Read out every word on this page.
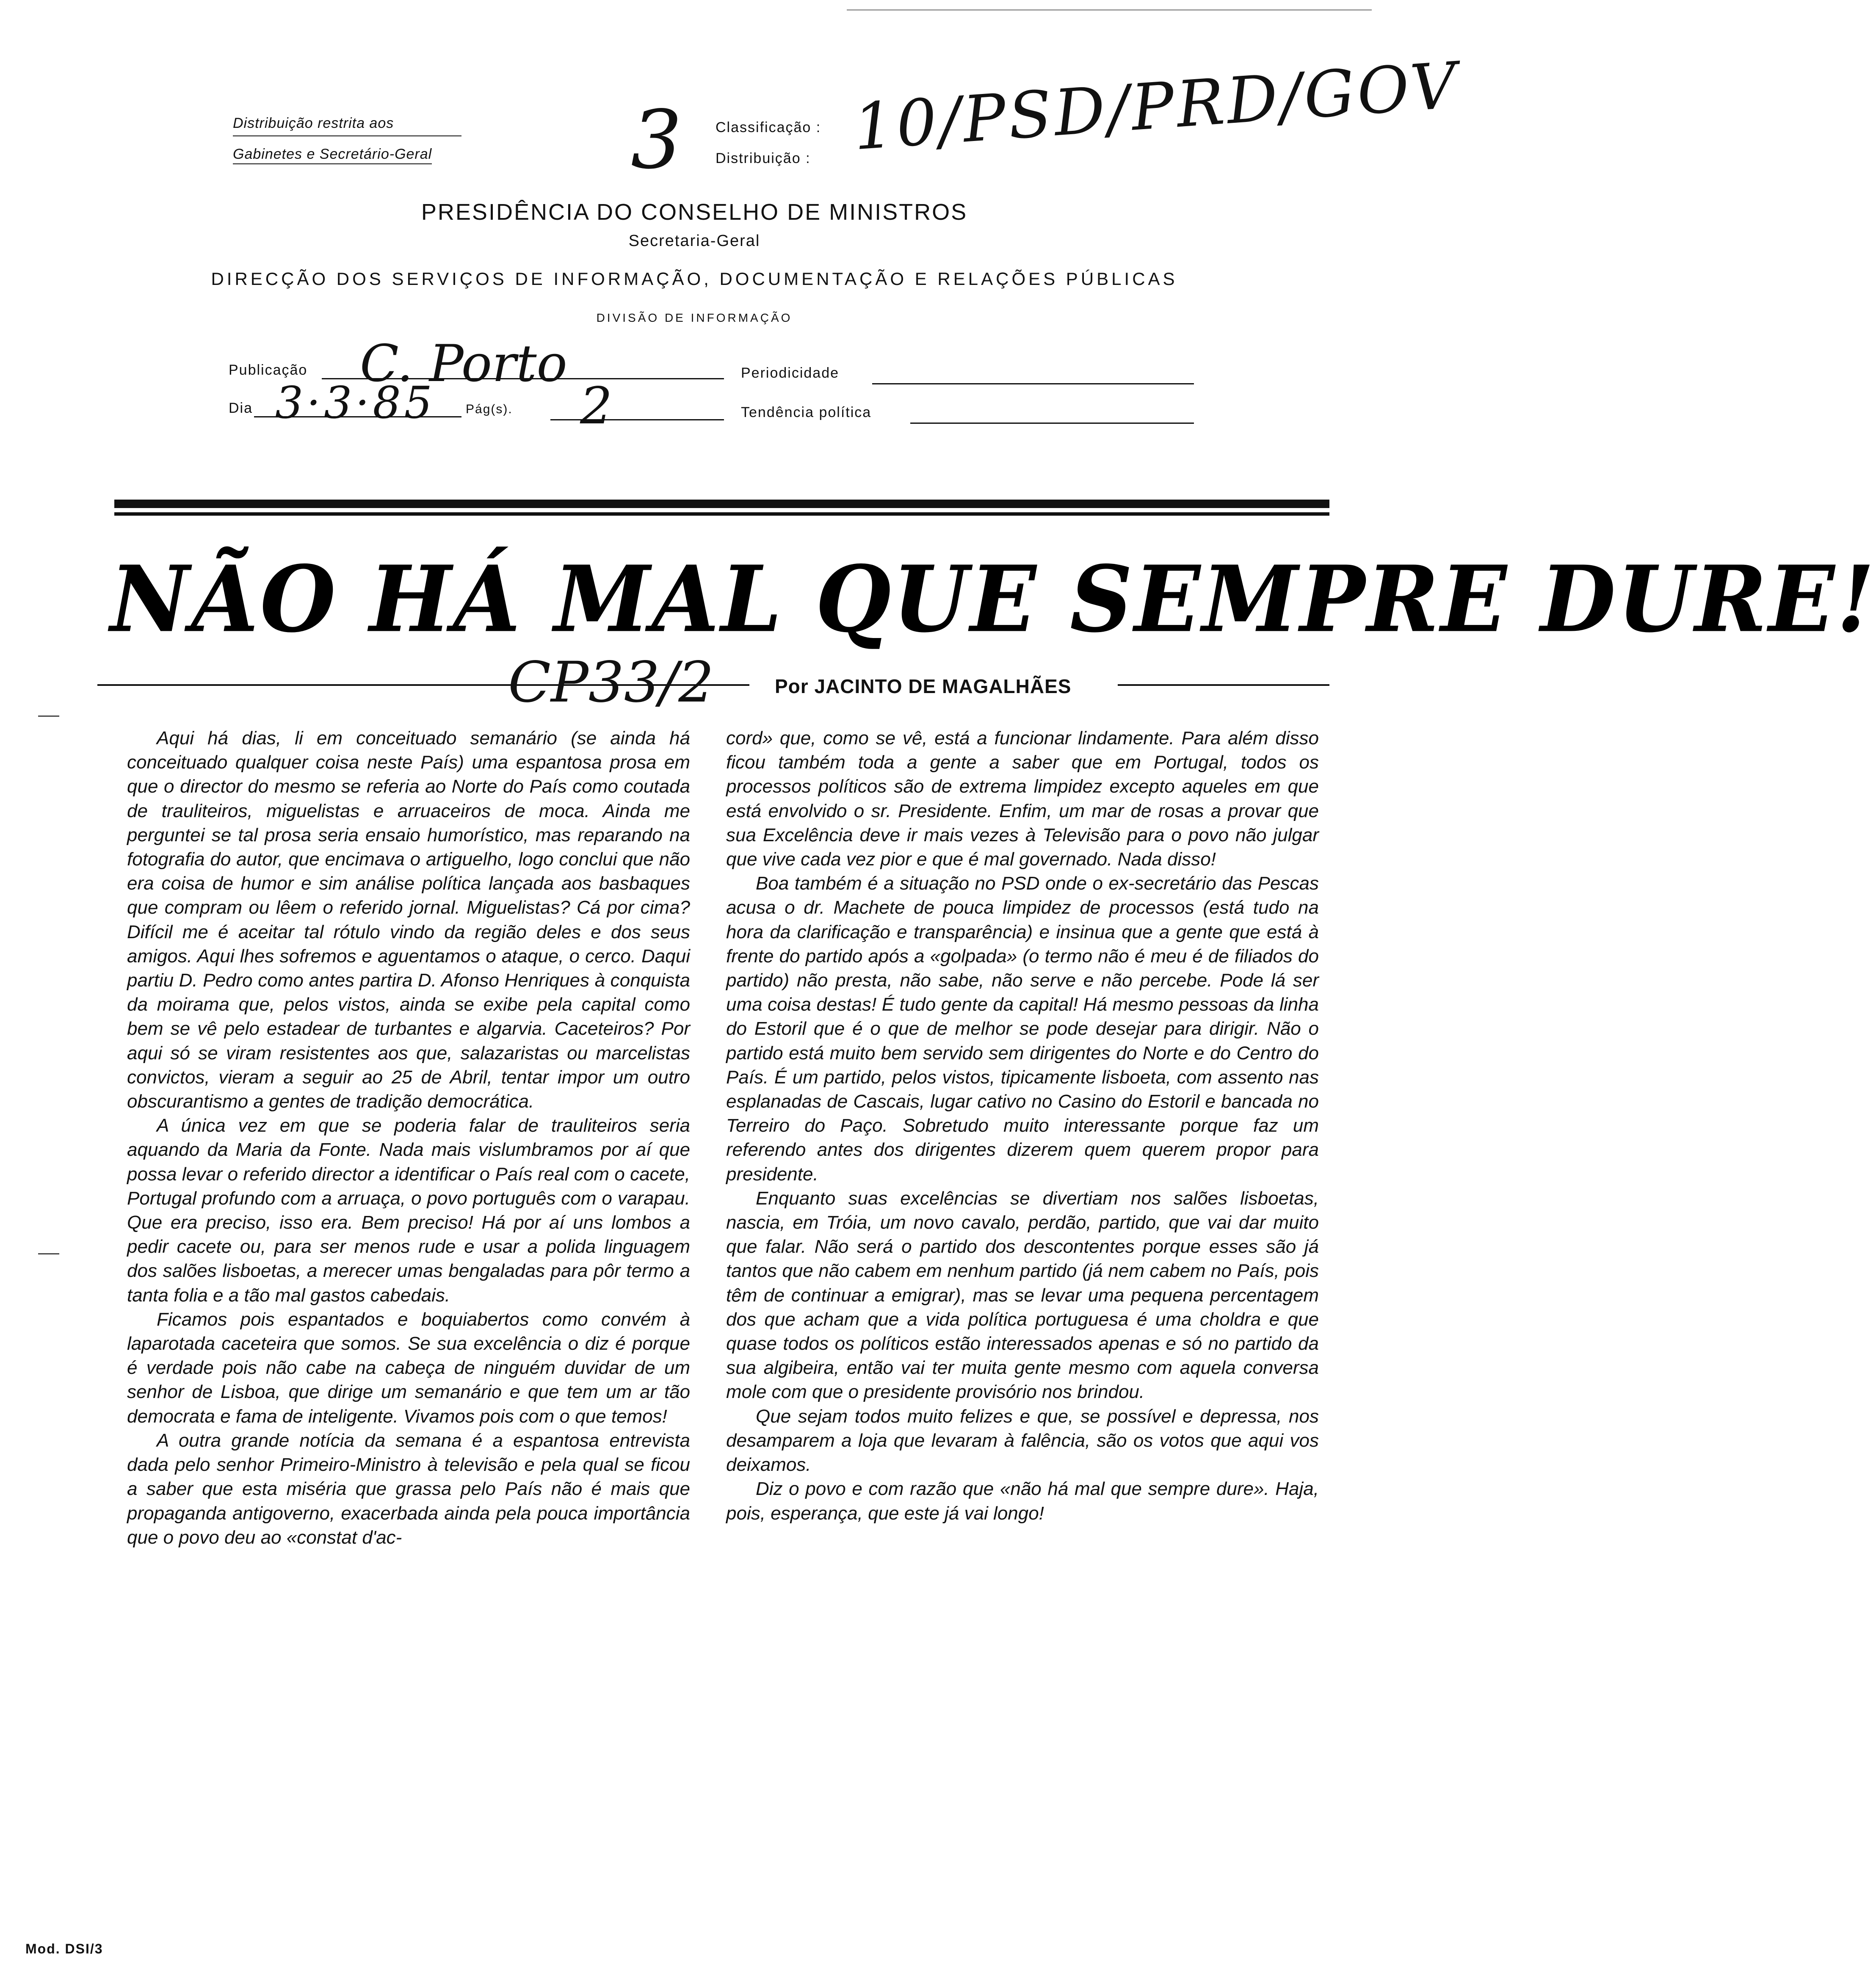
Distribuição restrita aos
Gabinetes e Secretário-Geral 3 Classificação :
Distribuição : 10/PSD/PRD/GOV
PRESIDÊNCIA DO CONSELHO DE MINISTROS
Secretaria-Geral
DIRECÇÃO DOS SERVIÇOS DE INFORMAÇÃO, DOCUMENTAÇÃO E RELAÇÕES PÚBLICAS
DIVISÃO DE INFORMAÇÃO
Publicação C. Porto	Periodicidade
Dia 3·3·85 Pág(s). 2	Tendência política
NÃO HÁ MAL QUE SEMPRE DURE!
CP33/2	Por JACINTO DE MAGALHÃES

Aqui há dias, li em conceituado semanário (se ainda há conceituado qualquer coisa neste País) uma espantosa prosa em que o director do mesmo se referia ao Norte do País como coutada de trauliteiros, miguelistas e arruaceiros de moca. Ainda me perguntei se tal prosa seria ensaio humorístico, mas reparando na fotografia do autor, que encimava o artiguelho, logo conclui que não era coisa de humor e sim análise política lançada aos basbaques que compram ou lêem o referido jornal. Miguelistas? Cá por cima? Difícil me é aceitar tal rótulo vindo da região deles e dos seus amigos. Aqui lhes sofremos e aguentamos o ataque, o cerco. Daqui partiu D. Pedro como antes partira D. Afonso Henriques à conquista da moirama que, pelos vistos, ainda se exibe pela capital como bem se vê pelo estadear de turbantes e algarvia. Caceteiros? Por aqui só se viram resistentes aos que, salazaristas ou marcelistas convictos, vieram a seguir ao 25 de Abril, tentar impor um outro obscurantismo a gentes de tradição democrática.

A única vez em que se poderia falar de trauliteiros seria aquando da Maria da Fonte. Nada mais vislumbramos por aí que possa levar o referido director a identificar o País real com o cacete, Portugal profundo com a arruaça, o povo português com o varapau. Que era preciso, isso era. Bem preciso! Há por aí uns lombos a pedir cacete ou, para ser menos rude e usar a polida linguagem dos salões lisboetas, a merecer umas bengaladas para pôr termo a tanta folia e a tão mal gastos cabedais.

Ficamos pois espantados e boquiabertos como convém à laparotada caceteira que somos. Se sua excelência o diz é porque é verdade pois não cabe na cabeça de ninguém duvidar de um senhor de Lisboa, que dirige um semanário e que tem um ar tão democrata e fama de inteligente. Vivamos pois com o que temos!

A outra grande notícia da semana é a espantosa entrevista dada pelo senhor Primeiro-Ministro à televisão e pela qual se ficou a saber que esta miséria que grassa pelo País não é mais que propaganda antigoverno, exacerbada ainda pela pouca importância que o povo deu ao «constat d'ac-

cord» que, como se vê, está a funcionar lindamente. Para além disso ficou também toda a gente a saber que em Portugal, todos os processos políticos são de extrema limpidez excepto aqueles em que está envolvido o sr. Presidente. Enfim, um mar de rosas a provar que sua Excelência deve ir mais vezes à Televisão para o povo não julgar que vive cada vez pior e que é mal governado. Nada disso!

Boa também é a situação no PSD onde o ex-secretário das Pescas acusa o dr. Machete de pouca limpidez de processos (está tudo na hora da clarificação e transparência) e insinua que a gente que está à frente do partido após a «golpada» (o termo não é meu é de filiados do partido) não presta, não sabe, não serve e não percebe. Pode lá ser uma coisa destas! É tudo gente da capital! Há mesmo pessoas da linha do Estoril que é o que de melhor se pode desejar para dirigir. Não o partido está muito bem servido sem dirigentes do Norte e do Centro do País. É um partido, pelos vistos, tipicamente lisboeta, com assento nas esplanadas de Cascais, lugar cativo no Casino do Estoril e bancada no Terreiro do Paço. Sobretudo muito interessante porque faz um referendo antes dos dirigentes dizerem quem querem propor para presidente.

Enquanto suas excelências se divertiam nos salões lisboetas, nascia, em Tróia, um novo cavalo, perdão, partido, que vai dar muito que falar. Não será o partido dos descontentes porque esses são já tantos que não cabem em nenhum partido (já nem cabem no País, pois têm de continuar a emigrar), mas se levar uma pequena percentagem dos que acham que a vida política portuguesa é uma choldra e que quase todos os políticos estão interessados apenas e só no partido da sua algibeira, então vai ter muita gente mesmo com aquela conversa mole com que o presidente provisório nos brindou.

Que sejam todos muito felizes e que, se possível e depressa, nos desamparem a loja que levaram à falência, são os votos que aqui vos deixamos.

Diz o povo e com razão que «não há mal que sempre dure». Haja, pois, esperança, que este já vai longo!

Mod. DSI/3
